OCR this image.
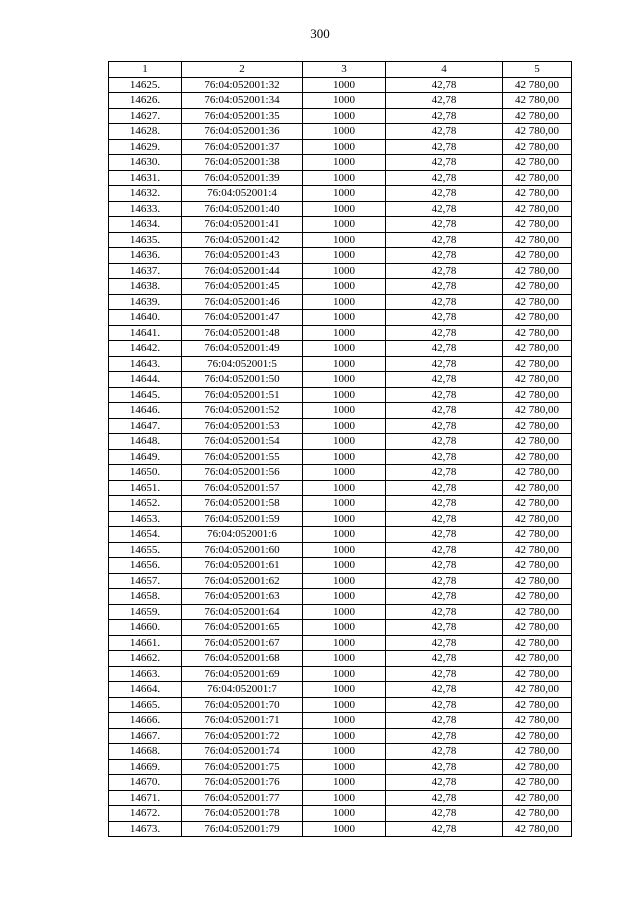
300
1	2	3	4	5
14625.	76:04:052001:32	1000	42,78	42 780,00
14626.	76:04:052001:34	1000	42,78	42 780,00
14627.	76:04:052001:35	1000	42,78	42 780,00
14628.	76:04:052001:36	1000	42,78	42 780,00
14629.	76:04:052001:37	1000	42,78	42 780,00
14630.	76:04:052001:38	1000	42,78	42 780,00
14631.	76:04:052001:39	1000	42,78	42 780,00
14632.	76:04:052001:4	1000	42,78	42 780,00
14633.	76:04:052001:40	1000	42,78	42 780,00
14634.	76:04:052001:41	1000	42,78	42 780,00
14635.	76:04:052001:42	1000	42,78	42 780,00
14636.	76:04:052001:43	1000	42,78	42 780,00
14637.	76:04:052001:44	1000	42,78	42 780,00
14638.	76:04:052001:45	1000	42,78	42 780,00
14639.	76:04:052001:46	1000	42,78	42 780,00
14640.	76:04:052001:47	1000	42,78	42 780,00
14641.	76:04:052001:48	1000	42,78	42 780,00
14642.	76:04:052001:49	1000	42,78	42 780,00
14643.	76:04:052001:5	1000	42,78	42 780,00
14644.	76:04:052001:50	1000	42,78	42 780,00
14645.	76:04:052001:51	1000	42,78	42 780,00
14646.	76:04:052001:52	1000	42,78	42 780,00
14647.	76:04:052001:53	1000	42,78	42 780,00
14648.	76:04:052001:54	1000	42,78	42 780,00
14649.	76:04:052001:55	1000	42,78	42 780,00
14650.	76:04:052001:56	1000	42,78	42 780,00
14651.	76:04:052001:57	1000	42,78	42 780,00
14652.	76:04:052001:58	1000	42,78	42 780,00
14653.	76:04:052001:59	1000	42,78	42 780,00
14654.	76:04:052001:6	1000	42,78	42 780,00
14655.	76:04:052001:60	1000	42,78	42 780,00
14656.	76:04:052001:61	1000	42,78	42 780,00
14657.	76:04:052001:62	1000	42,78	42 780,00
14658.	76:04:052001:63	1000	42,78	42 780,00
14659.	76:04:052001:64	1000	42,78	42 780,00
14660.	76:04:052001:65	1000	42,78	42 780,00
14661.	76:04:052001:67	1000	42,78	42 780,00
14662.	76:04:052001:68	1000	42,78	42 780,00
14663.	76:04:052001:69	1000	42,78	42 780,00
14664.	76:04:052001:7	1000	42,78	42 780,00
14665.	76:04:052001:70	1000	42,78	42 780,00
14666.	76:04:052001:71	1000	42,78	42 780,00
14667.	76:04:052001:72	1000	42,78	42 780,00
14668.	76:04:052001:74	1000	42,78	42 780,00
14669.	76:04:052001:75	1000	42,78	42 780,00
14670.	76:04:052001:76	1000	42,78	42 780,00
14671.	76:04:052001:77	1000	42,78	42 780,00
14672.	76:04:052001:78	1000	42,78	42 780,00
14673.	76:04:052001:79	1000	42,78	42 780,00
